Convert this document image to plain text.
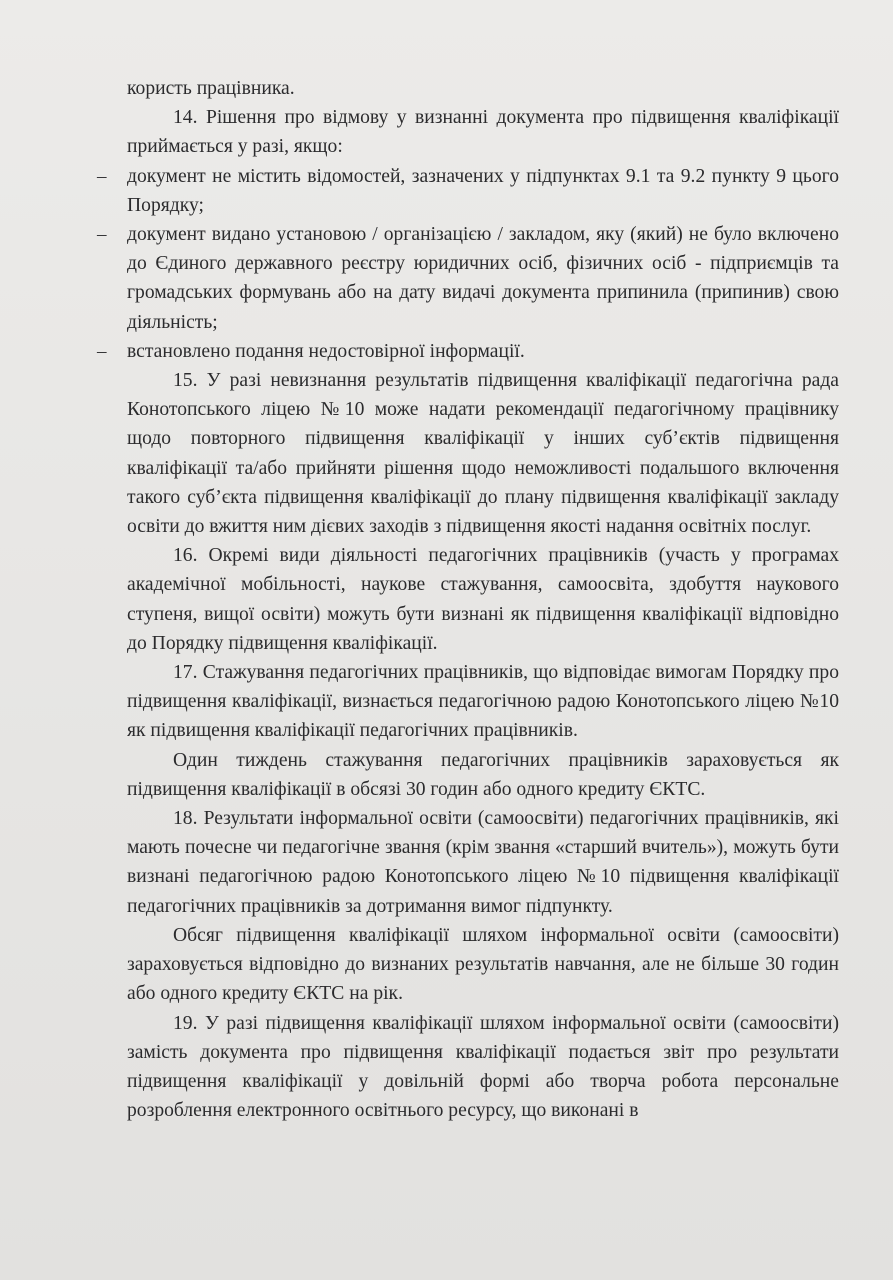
користь працівника.

14. Рішення про відмову у визнанні документа про підвищення кваліфікації приймається у разі, якщо:

– документ не містить відомостей, зазначених у підпунктах 9.1 та 9.2 пункту 9 цього Порядку;

– документ видано установою / організацією / закладом, яку (який) не було включено до Єдиного державного реєстру юридичних осіб, фізичних осіб - підприємців та громадських формувань або на дату видачі документа припинила (припинив) свою діяльність;

– встановлено подання недостовірної інформації.

15. У разі невизнання результатів підвищення кваліфікації педагогічна рада Конотопського ліцею №10 може надати рекомендації педагогічному працівнику щодо повторного підвищення кваліфікації у інших суб’єктів підвищення кваліфікації та/або прийняти рішення щодо неможливості подальшого включення такого суб’єкта підвищення кваліфікації до плану підвищення кваліфікації закладу освіти до вжиття ним дієвих заходів з підвищення якості надання освітніх послуг.

16. Окремі види діяльності педагогічних працівників (участь у програмах академічної мобільності, наукове стажування, самоосвіта, здобуття наукового ступеня, вищої освіти) можуть бути визнані як підвищення кваліфікації відповідно до Порядку підвищення кваліфікації.

17. Стажування педагогічних працівників, що відповідає вимогам Порядку про підвищення кваліфікації, визнається педагогічною радою Конотопського ліцею №10 як підвищення кваліфікації педагогічних працівників.

Один тиждень стажування педагогічних працівників зараховується як підвищення кваліфікації в обсязі 30 годин або одного кредиту ЄКТС.

18. Результати інформальної освіти (самоосвіти) педагогічних працівників, які мають почесне чи педагогічне звання (крім звання «старший вчитель»), можуть бути визнані педагогічною радою Конотопського ліцею №10 підвищення кваліфікації педагогічних працівників за дотримання вимог підпункту.

Обсяг підвищення кваліфікації шляхом інформальної освіти (самоосвіти) зараховується відповідно до визнаних результатів навчання, але не більше 30 годин або одного кредиту ЄКТС на рік.

19. У разі підвищення кваліфікації шляхом інформальної освіти (самоосвіти) замість документа про підвищення кваліфікації подається звіт про результати підвищення кваліфікації у довільній формі або творча робота персональне розроблення електронного освітнього ресурсу, що виконані в
